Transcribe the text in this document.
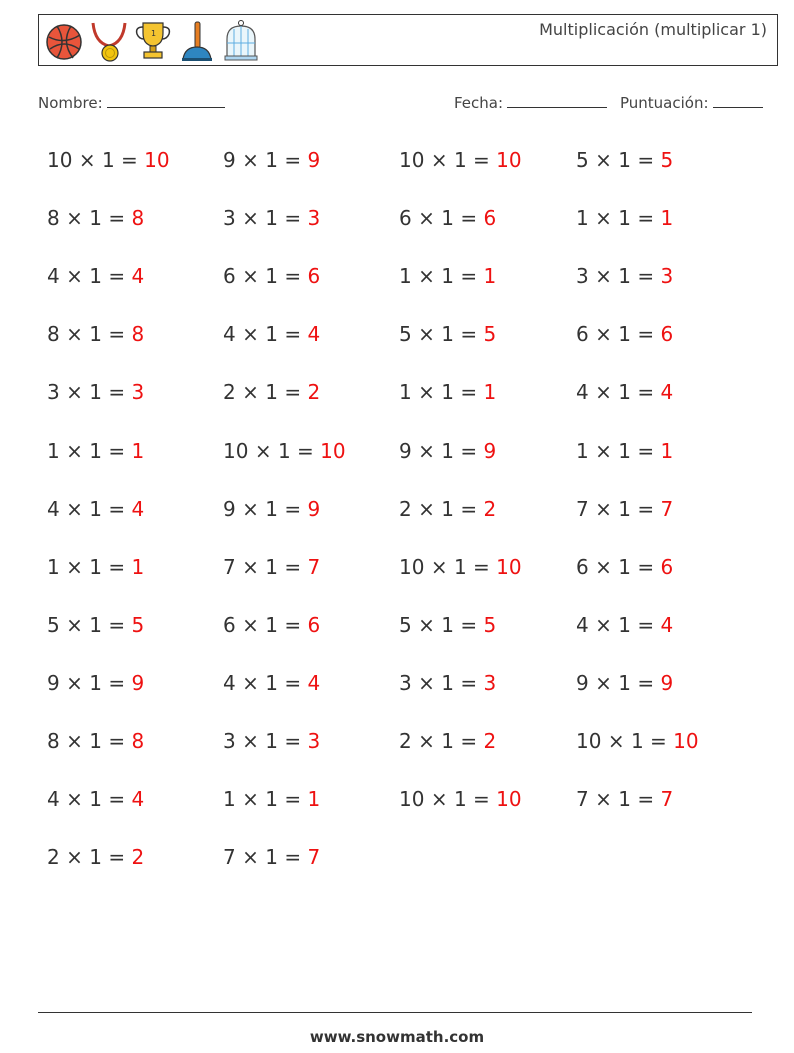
1	Multiplicación (multiplicar 1)
Nombre:	Fecha:	Puntuación:
10 × 1 = 10
8 × 1 = 8
4 × 1 = 4
8 × 1 = 8
3 × 1 = 3
1 × 1 = 1
4 × 1 = 4
1 × 1 = 1
5 × 1 = 5
9 × 1 = 9
8 × 1 = 8
4 × 1 = 4
2 × 1 = 2
9 × 1 = 9
3 × 1 = 3
6 × 1 = 6
4 × 1 = 4
2 × 1 = 2
10 × 1 = 10
9 × 1 = 9
7 × 1 = 7
6 × 1 = 6
4 × 1 = 4
3 × 1 = 3
1 × 1 = 1
7 × 1 = 7
10 × 1 = 10
6 × 1 = 6
1 × 1 = 1
5 × 1 = 5
1 × 1 = 1
9 × 1 = 9
2 × 1 = 2
10 × 1 = 10
5 × 1 = 5
3 × 1 = 3
2 × 1 = 2
10 × 1 = 10
5 × 1 = 5
1 × 1 = 1
3 × 1 = 3
6 × 1 = 6
4 × 1 = 4
1 × 1 = 1
7 × 1 = 7
6 × 1 = 6
4 × 1 = 4
9 × 1 = 9
10 × 1 = 10
7 × 1 = 7
www.snowmath.com
